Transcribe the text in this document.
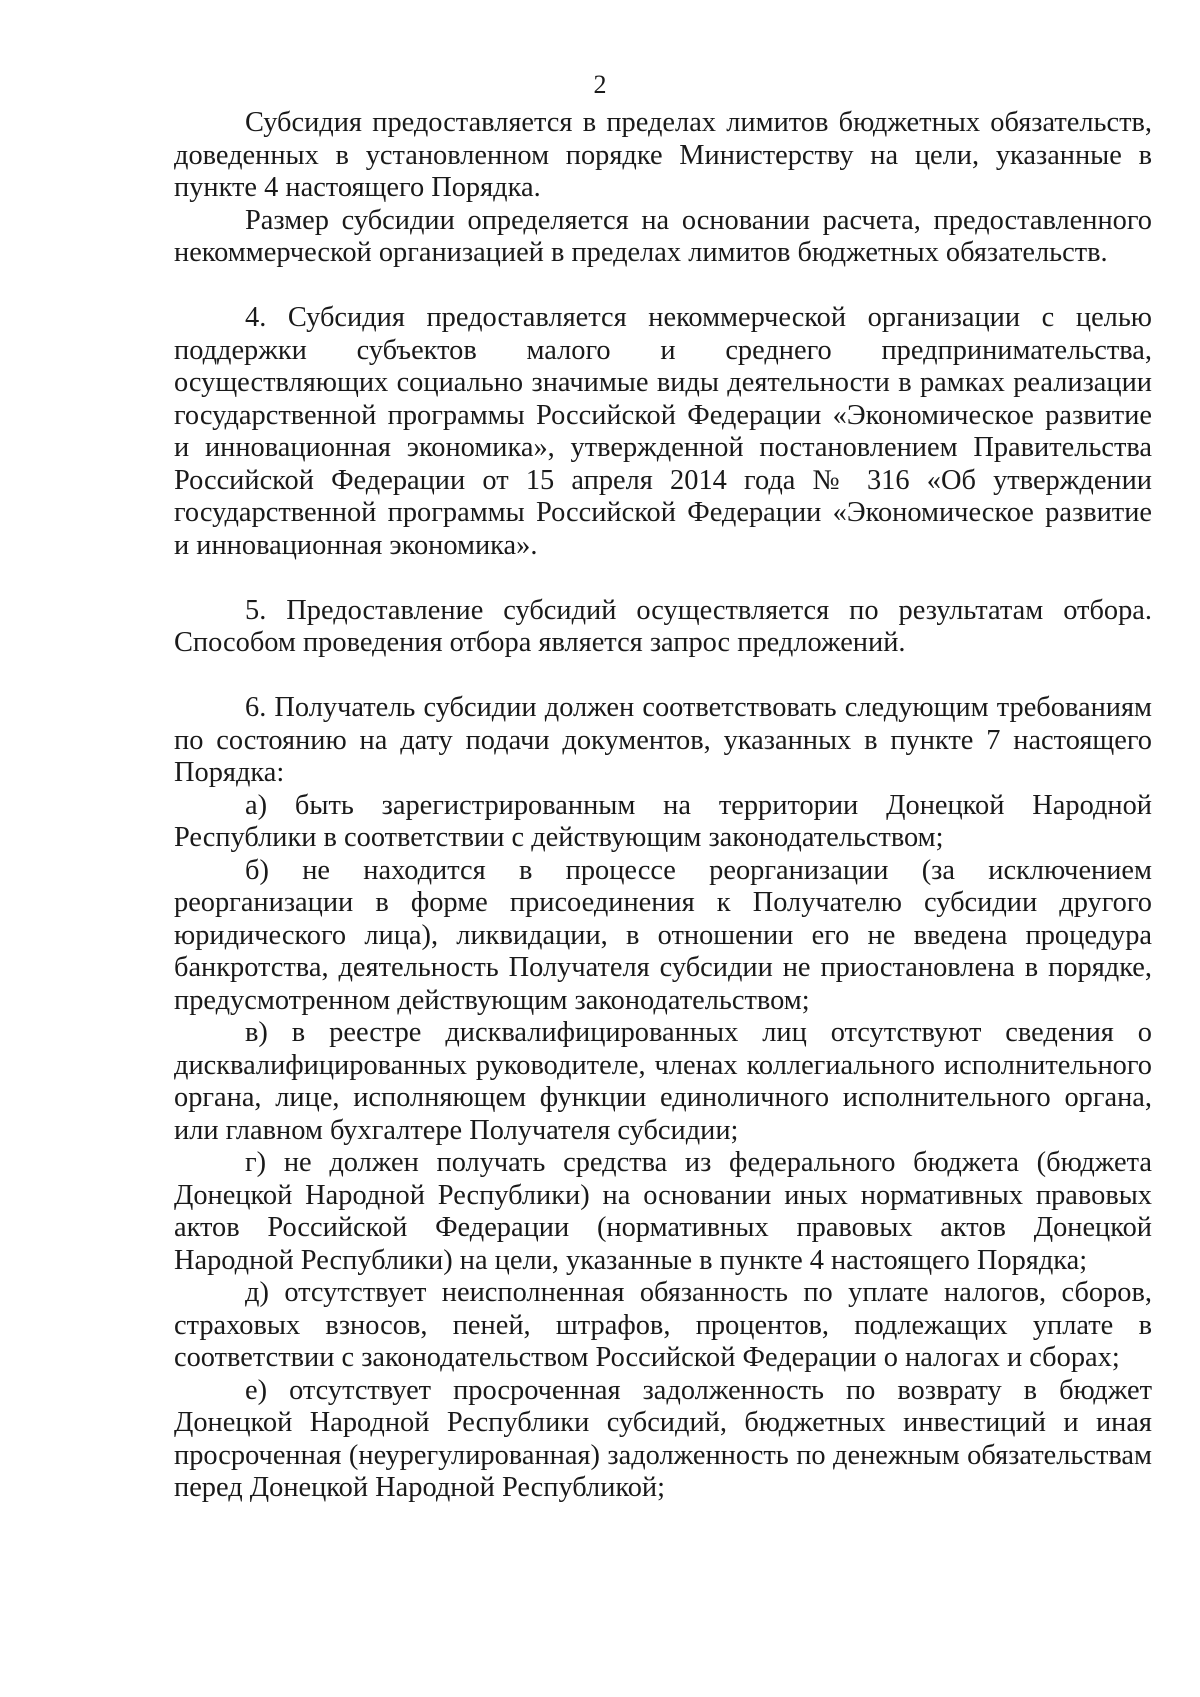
2

Субсидия предоставляется в пределах лимитов бюджетных обязательств, доведенных в установленном порядке Министерству на цели, указанные в пункте 4 настоящего Порядка.

Размер субсидии определяется на основании расчета, предоставленного некоммерческой организацией в пределах лимитов бюджетных обязательств.

4. Субсидия предоставляется некоммерческой организации с целью поддержки субъектов малого и среднего предпринимательства, осуществляющих социально значимые виды деятельности в рамках реализации государственной программы Российской Федерации «Экономическое развитие и инновационная экономика», утвержденной постановлением Правительства Российской Федерации от 15 апреля 2014 года № 316 «Об утверждении государственной программы Российской Федерации «Экономическое развитие и инновационная экономика».

5. Предоставление субсидий осуществляется по результатам отбора. Способом проведения отбора является запрос предложений.

6. Получатель субсидии должен соответствовать следующим требованиям по состоянию на дату подачи документов, указанных в пункте 7 настоящего Порядка:

а) быть зарегистрированным на территории Донецкой Народной Республики в соответствии с действующим законодательством;

б) не находится в процессе реорганизации (за исключением реорганизации в форме присоединения к Получателю субсидии другого юридического лица), ликвидации, в отношении его не введена процедура банкротства, деятельность Получателя субсидии не приостановлена в порядке, предусмотренном действующим законодательством;

в) в реестре дисквалифицированных лиц отсутствуют сведения о дисквалифицированных руководителе, членах коллегиального исполнительного органа, лице, исполняющем функции единоличного исполнительного органа, или главном бухгалтере Получателя субсидии;

г) не должен получать средства из федерального бюджета (бюджета Донецкой Народной Республики) на основании иных нормативных правовых актов Российской Федерации (нормативных правовых актов Донецкой Народной Республики) на цели, указанные в пункте 4 настоящего Порядка;

д) отсутствует неисполненная обязанность по уплате налогов, сборов, страховых взносов, пеней, штрафов, процентов, подлежащих уплате в соответствии с законодательством Российской Федерации о налогах и сборах;

е) отсутствует просроченная задолженность по возврату в бюджет Донецкой Народной Республики субсидий, бюджетных инвестиций и иная просроченная (неурегулированная) задолженность по денежным обязательствам перед Донецкой Народной Республикой;
